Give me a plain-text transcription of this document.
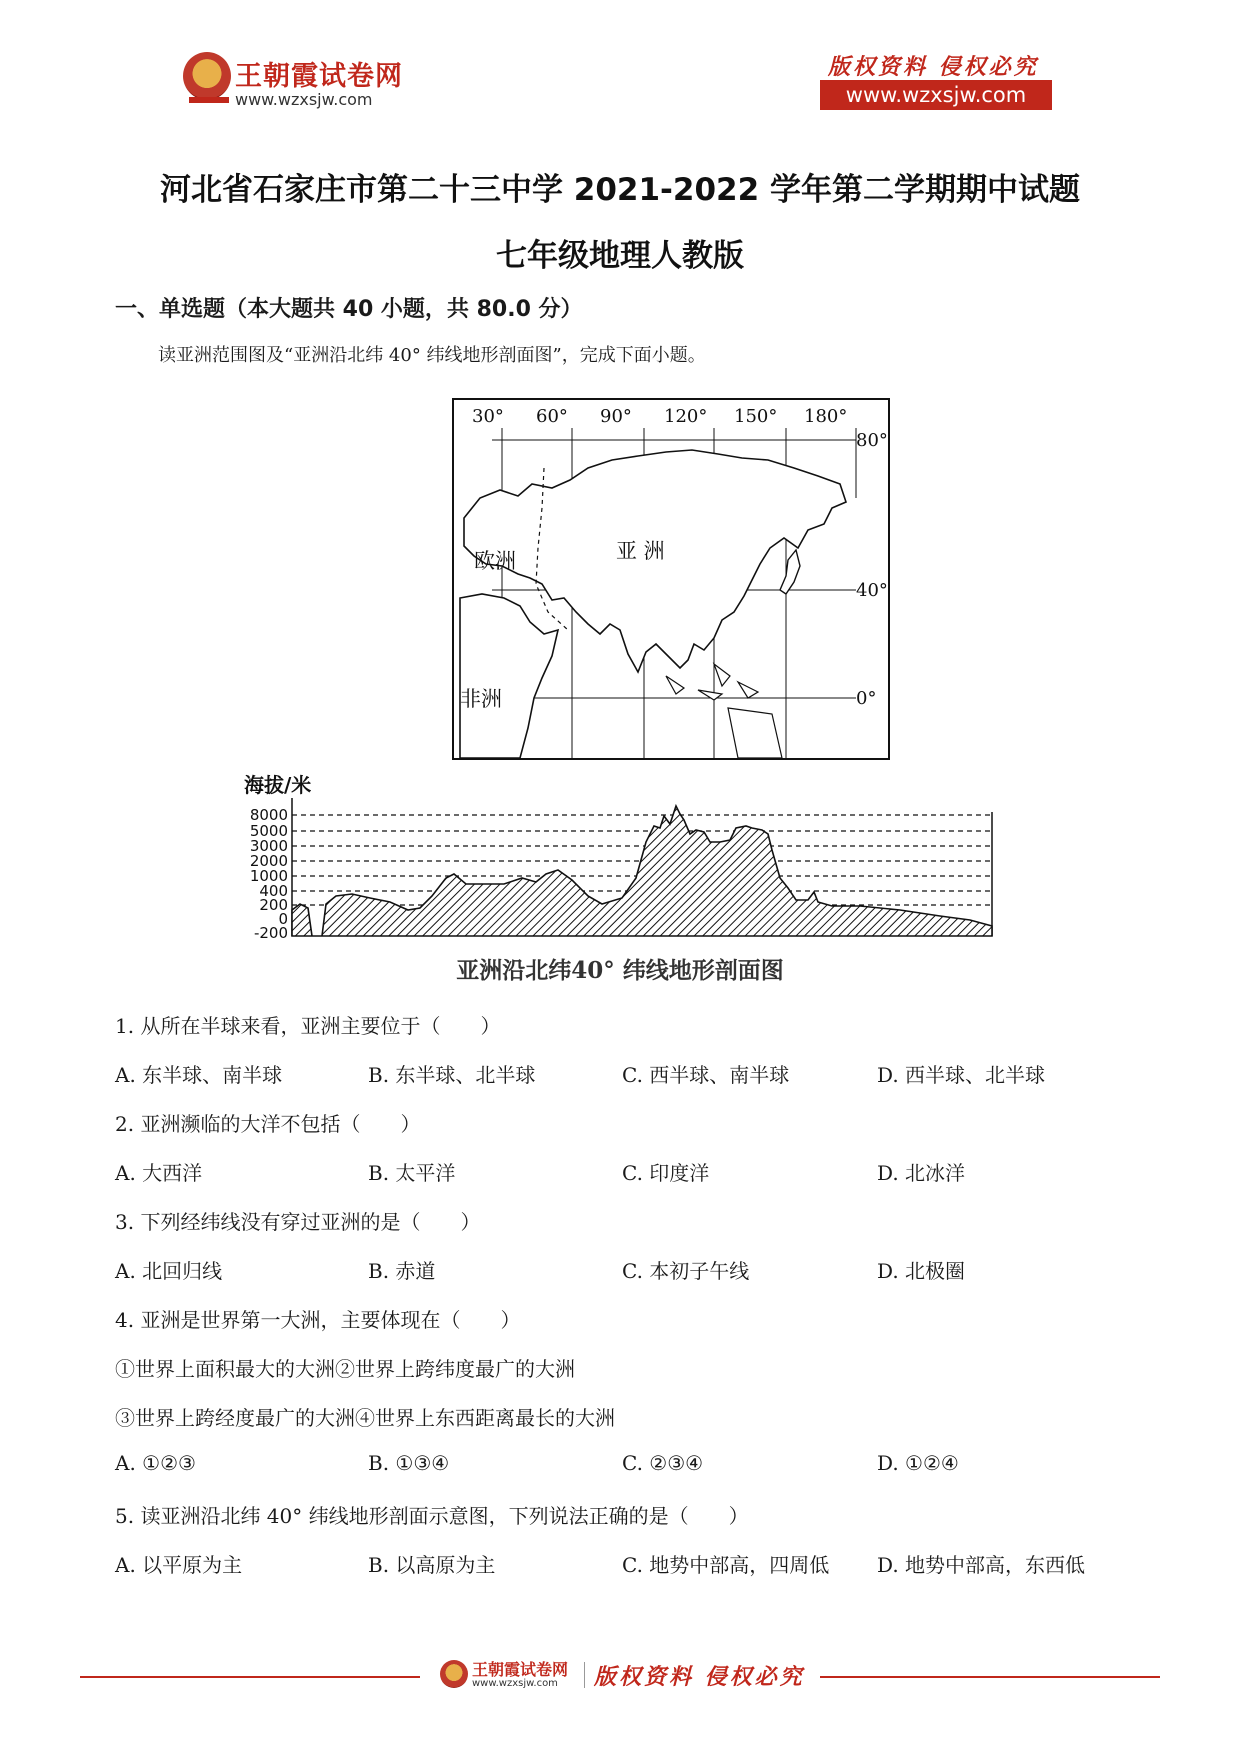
王朝霞试卷网
www.wzxsjw.com
版权资料 侵权必究
www.wzxsjw.com
河北省石家庄市第二十三中学 2021-2022 学年第二学期期中试题
七年级地理人教版
一、单选题（本大题共 40 小题，共 80.0 分）
读亚洲范围图及“亚洲沿北纬 40° 纬线地形剖面图”，完成下面小题。
30° 60° 90° 120° 150° 180°
80°
40°
0°
亚 洲
欧洲
非洲
海拔/米
8000
5000
3000
2000
1000
400
200
0
-200
亚洲沿北纬40° 纬线地形剖面图
1. 从所在半球来看，亚洲主要位于（　　）
A. 东半球、南半球	B. 东半球、北半球	C. 西半球、南半球	D. 西半球、北半球
2. 亚洲濒临的大洋不包括（　　）
A. 大西洋	B. 太平洋	C. 印度洋	D. 北冰洋
3. 下列经纬线没有穿过亚洲的是（　　）
A. 北回归线	B. 赤道	C. 本初子午线	D. 北极圈
4. 亚洲是世界第一大洲，主要体现在（　　）
①世界上面积最大的大洲②世界上跨纬度最广的大洲
③世界上跨经度最广的大洲④世界上东西距离最长的大洲
A. ①②③	B. ①③④	C. ②③④	D. ①②④
5. 读亚洲沿北纬 40° 纬线地形剖面示意图，下列说法正确的是（　　）
A. 以平原为主	B. 以高原为主	C. 地势中部高，四周低 D. 地势中部高，东西低
王朝霞试卷网
www.wzxsjw.com 版权资料 侵权必究
